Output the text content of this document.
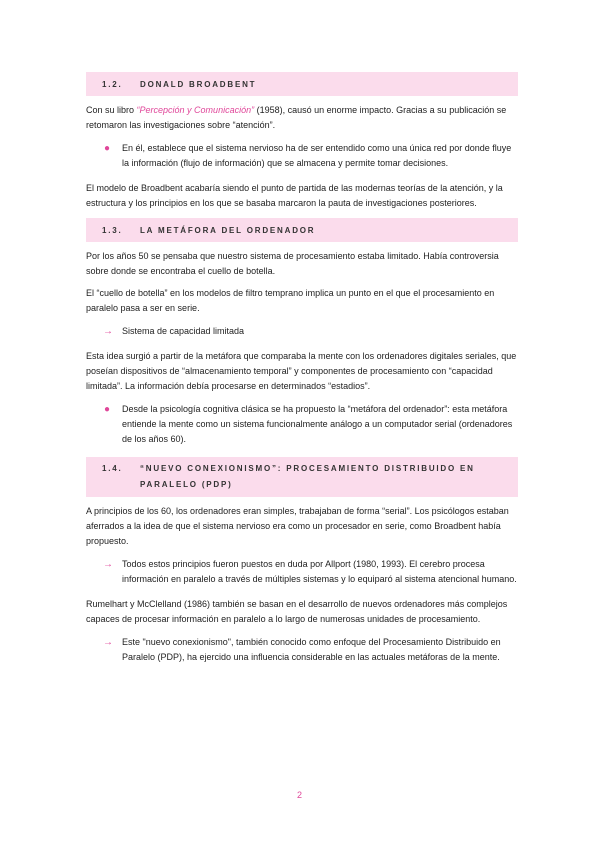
1.2.	DONALD BROADBENT

Con su libro “Percepción y Comunicación” (1958), causó un enorme impacto. Gracias a su publicación se retomaron las investigaciones sobre “atención”.

● En él, establece que el sistema nervioso ha de ser entendido como una única red por donde fluye la información (flujo de información) que se almacena y permite tomar decisiones.

El modelo de Broadbent acabaría siendo el punto de partida de las modernas teorías de la atención, y la estructura y los principios en los que se basaba marcaron la pauta de investigaciones posteriores.

1.3.	LA METÁFORA DEL ORDENADOR

Por los años 50 se pensaba que nuestro sistema de procesamiento estaba limitado. Había controversia sobre donde se encontraba el cuello de botella.

El “cuello de botella” en los modelos de filtro temprano implica un punto en el que el procesamiento en paralelo pasa a ser en serie.

→ Sistema de capacidad limitada

Esta idea surgió a partir de la metáfora que comparaba la mente con los ordenadores digitales seriales, que poseían dispositivos de “almacenamiento temporal” y componentes de procesamiento con “capacidad limitada”. La información debía procesarse en determinados “estadios”.

● Desde la psicología cognitiva clásica se ha propuesto la “metáfora del ordenador”: esta metáfora entiende la mente como un sistema funcionalmente análogo a un computador serial (ordenadores de los años 60).
1.4.	“NUEVO CONEXIONISMO”: PROCESAMIENTO DISTRIBUIDO EN PARALELO (PDP)

A principios de los 60, los ordenadores eran simples, trabajaban de forma “serial”. Los psicólogos estaban aferrados a la idea de que el sistema nervioso era como un procesador en serie, como Broadbent había propuesto.

→ Todos estos principios fueron puestos en duda por Allport (1980, 1993). El cerebro procesa información en paralelo a través de múltiples sistemas y lo equiparó al sistema atencional humano.

Rumelhart y McClelland (1986) también se basan en el desarrollo de nuevos ordenadores más complejos capaces de procesar información en paralelo a lo largo de numerosas unidades de procesamiento.

→ Este "nuevo conexionismo", también conocido como enfoque del Procesamiento Distribuido en Paralelo (PDP), ha ejercido una influencia considerable en las actuales metáforas de la mente.
2
